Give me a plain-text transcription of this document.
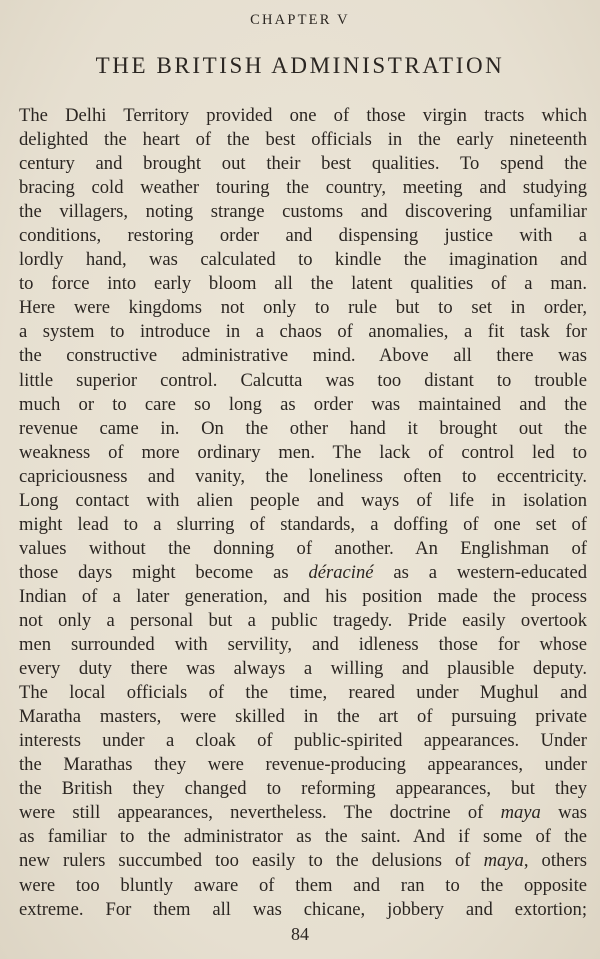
CHAPTER V
THE BRITISH ADMINISTRATION
The Delhi Territory provided one of those virgin tracts which
delighted the heart of the best officials in the early nineteenth
century and brought out their best qualities. To spend the
bracing cold weather touring the country, meeting and studying
the villagers, noting strange customs and discovering unfamiliar
conditions, restoring order and dispensing justice with a
lordly hand, was calculated to kindle the imagination and
to force into early bloom all the latent qualities of a man.
Here were kingdoms not only to rule but to set in order,
a system to introduce in a chaos of anomalies, a fit task for
the constructive administrative mind. Above all there was
little superior control. Calcutta was too distant to trouble
much or to care so long as order was maintained and the
revenue came in. On the other hand it brought out the
weakness of more ordinary men. The lack of control led to
capriciousness and vanity, the loneliness often to eccentricity.
Long contact with alien people and ways of life in isolation
might lead to a slurring of standards, a doffing of one set of
values without the donning of another. An Englishman of
those days might become as déraciné as a western-educated
Indian of a later generation, and his position made the process
not only a personal but a public tragedy. Pride easily overtook
men surrounded with servility, and idleness those for whose
every duty there was always a willing and plausible deputy.
The local officials of the time, reared under Mughul and
Maratha masters, were skilled in the art of pursuing private
interests under a cloak of public-spirited appearances. Under
the Marathas they were revenue-producing appearances, under
the British they changed to reforming appearances, but they
were still appearances, nevertheless. The doctrine of maya was
as familiar to the administrator as the saint. And if some of the
new rulers succumbed too easily to the delusions of maya, others
were too bluntly aware of them and ran to the opposite
extreme. For them all was chicane, jobbery and extortion;
84
